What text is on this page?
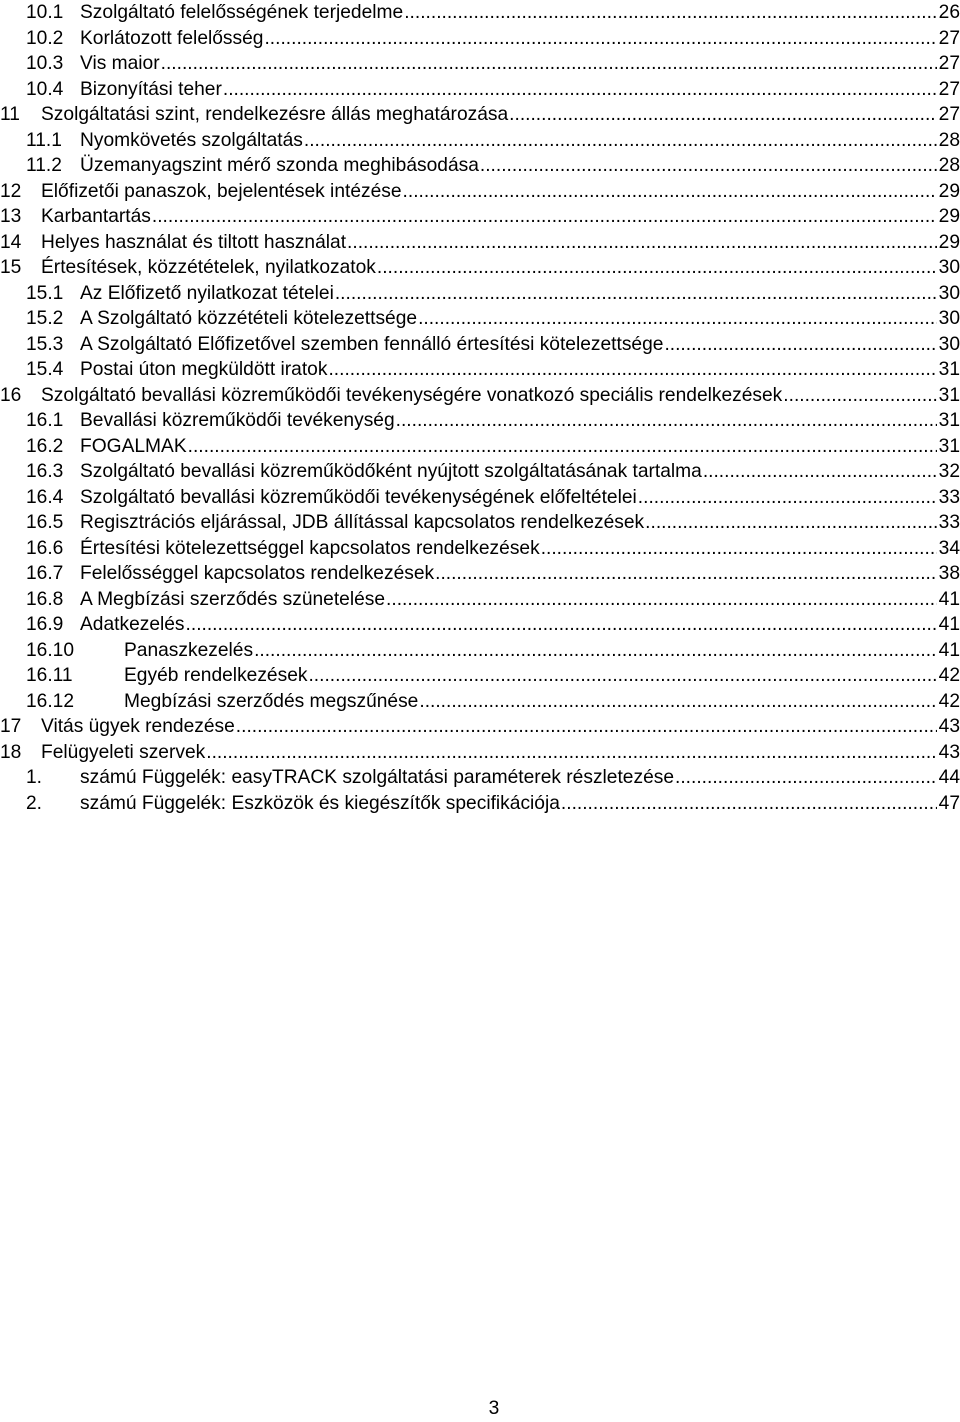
10.1 Szolgáltató felelősségének terjedelme .....	26
10.2 Korlátozott felelősség .....	27
10.3 Vis maior .....	27
10.4 Bizonyítási teher .....	27
11	Szolgáltatási szint, rendelkezésre állás meghatározása .....	27
11.1 Nyomkövetés szolgáltatás .....	28
11.2 Üzemanyagszint mérő szonda meghibásodása .....	28
12	Előfizetői panaszok, bejelentések intézése .....	29
13	Karbantartás .....	29
14	Helyes használat és tiltott használat .....	29
15	Értesítések, közzétételek, nyilatkozatok .....	30
15.1 Az Előfizető nyilatkozat tételei .....	30
15.2 A Szolgáltató közzétételi kötelezettsége .....	30
15.3 A Szolgáltató Előfizetővel szemben fennálló értesítési kötelezettsége .....	30
15.4 Postai úton megküldött iratok .....	31
16	Szolgáltató bevallási közreműködői tevékenységére vonatkozó speciális rendelkezések .....	31
16.1 Bevallási közreműködői tevékenység .....	31
16.2 FOGALMAK .....	31
16.3 Szolgáltató bevallási közreműködőként nyújtott szolgáltatásának tartalma .....	32
16.4 Szolgáltató bevallási közreműködői tevékenységének előfeltételei .....	33
16.5 Regisztrációs eljárással, JDB állítással kapcsolatos rendelkezések .....	33
16.6 Értesítési kötelezettséggel kapcsolatos rendelkezések .....	34
16.7 Felelősséggel kapcsolatos rendelkezések .....	38
16.8 A Megbízási szerződés szünetelése .....	41
16.9 Adatkezelés .....	41
16.10	Panaszkezelés .....	41
16.11	Egyéb rendelkezések .....	42
16.12	Megbízási szerződés megszűnése .....	42
17	Vitás ügyek rendezése .....	43
18	Felügyeleti szervek .....	43
1.	számú Függelék: easyTRACK szolgáltatási paraméterek részletezése .....	44
2.	számú Függelék: Eszközök és kiegészítők specifikációja .....	47
3
